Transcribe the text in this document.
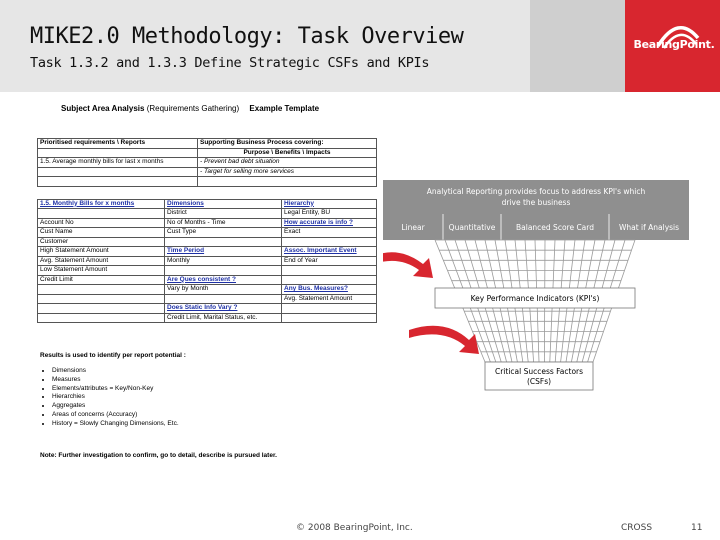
BearingPoint.
MIKE2.0 Methodology: Task Overview
Task 1.3.2 and 1.3.3 Define Strategic CSFs and KPIs
Subject Area Analysis (Requirements Gathering) Example Template
Prioritised requirements \ Reports	Supporting Business Process covering:

	Purpose \ Benefits \ Impacts
1.5. Average monthly bills for last x months	- Prevent bad debt situation
	- Target for selling more services

1.5. Monthly Bills for x months	Dimensions	Hierarchy
	District	Legal Entity, BU
Account No	No of Months - Time	How accurate is info ?
Cust Name	Cust Type	Exact
Customer		
High Statement Amount	Time Period	Assoc. Important Event
Avg. Statement Amount	Monthly	End of Year
Low Statement Amount		
Credit Limit	Are Ques consistent ?	
	Vary by Month	Any Bus. Measures?
		Avg. Statement Amount
	Does Static Info Vary ?	
	Credit Limit, Marital Status, etc.	
Results is used to identify per report potential :
• Dimensions
• Measures
• Elements/attributes = Key/Non-Key
• Hierarchies
• Aggregates
• Areas of concerns (Accuracy)
• History = Slowly Changing Dimensions, Etc.
Note: Further investigation to confirm, go to detail, describe is pursued later.
Analytical Reporting provides focus to address KPI's which
drive the business
Linear	Quantitative	Balanced Score Card	What if Analysis
Key Performance Indicators (KPI's)
Critical Success Factors
(CSFs)
© 2008 BearingPoint, Inc.	CROSS	11
